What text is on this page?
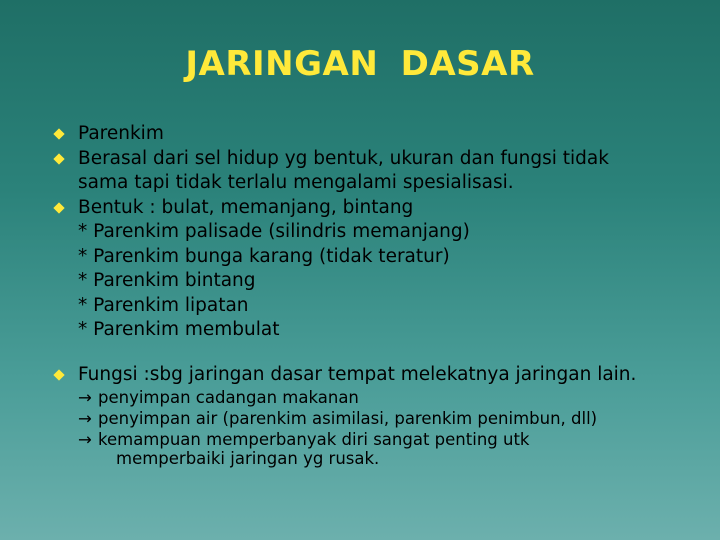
JARINGAN DASAR
Parenkim
Berasal dari sel hidup yg bentuk, ukuran dan fungsi tidak
sama tapi tidak terlalu mengalami spesialisasi.
Bentuk : bulat, memanjang, bintang
* Parenkim palisade (silindris memanjang)
* Parenkim bunga karang (tidak teratur)
* Parenkim bintang
* Parenkim lipatan
* Parenkim membulat
Fungsi :sbg jaringan dasar tempat melekatnya jaringan lain.
→ penyimpan cadangan makanan
→ penyimpan air (parenkim asimilasi, parenkim penimbun, dll)
→ kemampuan memperbanyak diri sangat penting utk
memperbaiki jaringan yg rusak.
